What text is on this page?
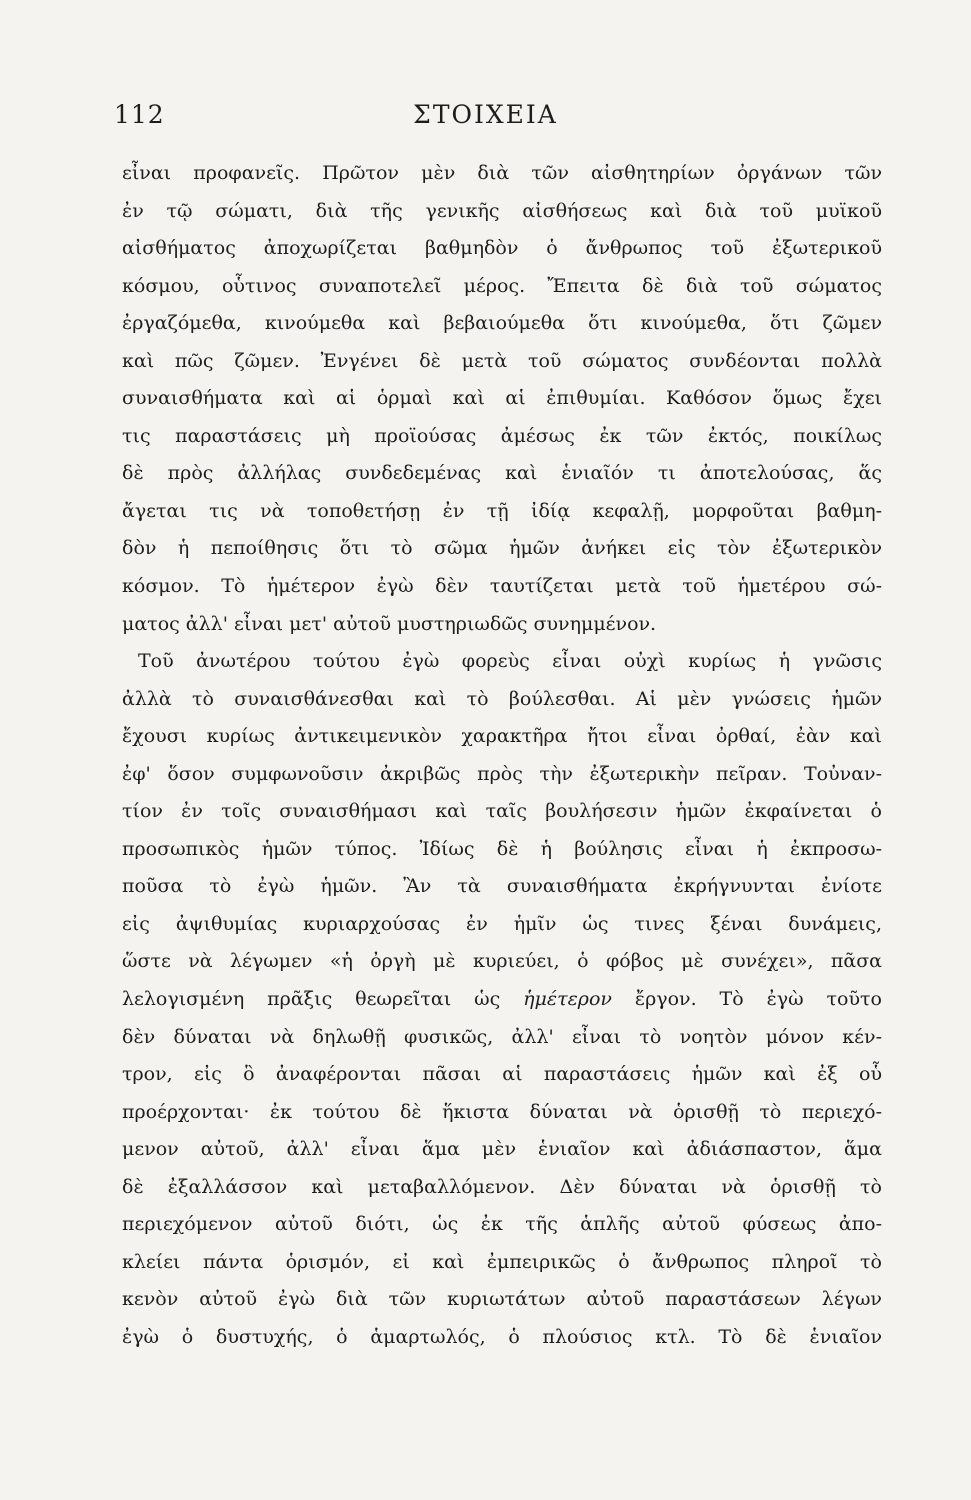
112	ΣΤΟΙΧΕΙΑ
εἶναι προφανεῖς. Πρῶτον μὲν διὰ τῶν αἰσθητηρίων ὀργάνων τῶν
ἐν τῷ σώματι, διὰ τῆς γενικῆς αἰσθήσεως καὶ διὰ τοῦ μυϊκοῦ
αἰσθήματος ἀποχωρίζεται βαθμηδὸν ὁ ἄνθρωπος τοῦ ἐξωτερικοῦ
κόσμου, οὗτινος συναποτελεῖ μέρος. Ἔπειτα δὲ διὰ τοῦ σώματος
ἐργαζόμεθα, κινούμεθα καὶ βεβαιούμεθα ὅτι κινούμεθα, ὅτι ζῶμεν
καὶ πῶς ζῶμεν. Ἐνγένει δὲ μετὰ τοῦ σώματος συνδέονται πολλὰ
συναισθήματα καὶ αἱ ὁρμαὶ καὶ αἱ ἐπιθυμίαι. Καθόσον ὅμως ἔχει
τις παραστάσεις μὴ προϊούσας ἀμέσως ἐκ τῶν ἐκτός, ποικίλως
δὲ πρὸς ἀλλήλας συνδεδεμένας καὶ ἑνιαῖόν τι ἀποτελούσας, ἅς
ἄγεται τις νὰ τοποθετήσῃ ἐν τῇ ἰδίᾳ κεφαλῇ, μορφοῦται βαθμη-
δὸν ἡ πεποίθησις ὅτι τὸ σῶμα ἡμῶν ἀνήκει εἰς τὸν ἐξωτερικὸν
κόσμον. Τὸ ἡμέτερον ἐγὼ δὲν ταυτίζεται μετὰ τοῦ ἡμετέρου σώ-
ματος ἀλλ' εἶναι μετ' αὐτοῦ μυστηριωδῶς συνημμένον.
Τοῦ ἀνωτέρου τούτου ἐγὼ φορεὺς εἶναι οὐχὶ κυρίως ἡ γνῶσις
ἀλλὰ τὸ συναισθάνεσθαι καὶ τὸ βούλεσθαι. Αἱ μὲν γνώσεις ἡμῶν
ἔχουσι κυρίως ἀντικειμενικὸν χαρακτῆρα ἤτοι εἶναι ὀρθαί, ἐὰν καὶ
ἐφ' ὅσον συμφωνοῦσιν ἀκριβῶς πρὸς τὴν ἐξωτερικὴν πεῖραν. Τοὐναν-
τίον ἐν τοῖς συναισθήμασι καὶ ταῖς βουλήσεσιν ἡμῶν ἐκφαίνεται ὁ
προσωπικὸς ἡμῶν τύπος. Ἰδίως δὲ ἡ βούλησις εἶναι ἡ ἐκπροσω-
ποῦσα τὸ ἐγὼ ἡμῶν. Ἂν τὰ συναισθήματα ἐκρήγνυνται ἐνίοτε
εἰς ἀψιθυμίας κυριαρχούσας ἐν ἡμῖν ὡς τινες ξέναι δυνάμεις,
ὥστε νὰ λέγωμεν «ἡ ὀργὴ μὲ κυριεύει, ὁ φόβος μὲ συνέχει», πᾶσα
λελογισμένη πρᾶξις θεωρεῖται ὡς ἡμέτερον ἔργον. Τὸ ἐγὼ τοῦτο
δὲν δύναται νὰ δηλωθῇ φυσικῶς, ἀλλ' εἶναι τὸ νοητὸν μόνον κέν-
τρον, εἰς ὃ ἀναφέρονται πᾶσαι αἱ παραστάσεις ἡμῶν καὶ ἐξ οὗ
προέρχονται· ἐκ τούτου δὲ ἥκιστα δύναται νὰ ὁρισθῇ τὸ περιεχό-
μενον αὐτοῦ, ἀλλ' εἶναι ἅμα μὲν ἑνιαῖον καὶ ἀδιάσπαστον, ἅμα
δὲ ἐξαλλάσσον καὶ μεταβαλλόμενον. Δὲν δύναται νὰ ὁρισθῇ τὸ
περιεχόμενον αὐτοῦ διότι, ὡς ἐκ τῆς ἁπλῆς αὐτοῦ φύσεως ἀπο-
κλείει πάντα ὁρισμόν, εἰ καὶ ἐμπειρικῶς ὁ ἄνθρωπος πληροῖ τὸ
κενὸν αὐτοῦ ἐγὼ διὰ τῶν κυριωτάτων αὐτοῦ παραστάσεων λέγων
ἐγὼ ὁ δυστυχής, ὁ ἁμαρτωλός, ὁ πλούσιος κτλ. Τὸ δὲ ἑνιαῖον
